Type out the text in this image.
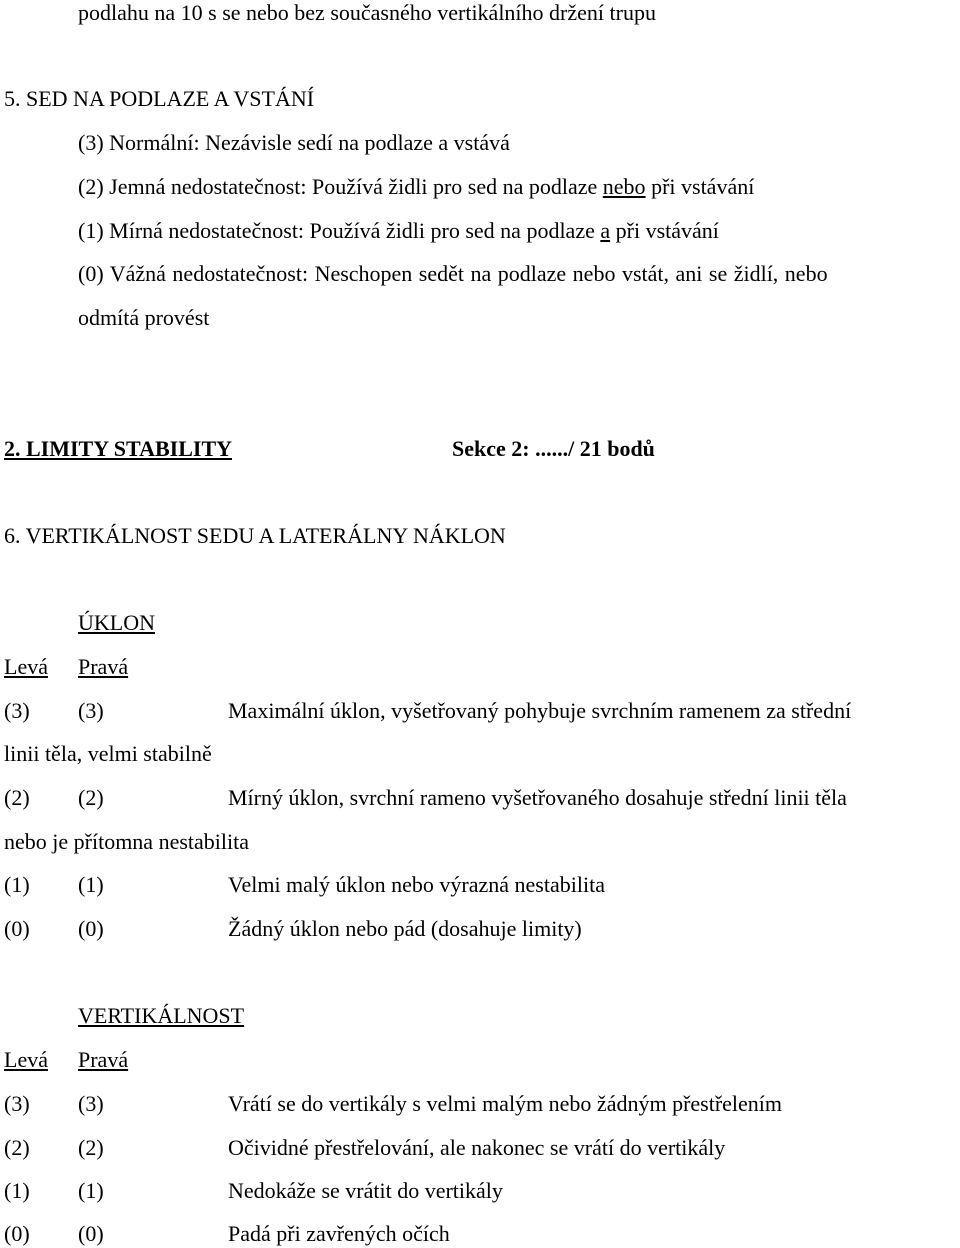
podlahu na 10 s se nebo bez současného vertikálního držení trupu
5. SED NA PODLAZE A VSTÁNÍ
(3) Normální: Nezávisle sedí na podlaze a vstává
(2) Jemná nedostatečnost: Používá židli pro sed na podlaze nebo při vstávání
(1) Mírná nedostatečnost: Používá židli pro sed na podlaze a při vstávání
(0) Vážná nedostatečnost: Neschopen sedět na podlaze nebo vstát, ani se židlí, nebo
odmítá provést
2. LIMITY STABILITY	Sekce 2: ....../ 21 bodů
6. VERTIKÁLNOST SEDU A LATERÁLNY NÁKLON
ÚKLON
Levá Pravá
(3) (3)	Maximální úklon, vyšetřovaný pohybuje svrchním ramenem za střední
linii těla, velmi stabilně
(2) (2)	Mírný úklon, svrchní rameno vyšetřovaného dosahuje střední linii těla
nebo je přítomna nestabilita
(1) (1)	Velmi malý úklon nebo výrazná nestabilita
(0) (0)	Žádný úklon nebo pád (dosahuje limity)
VERTIKÁLNOST
Levá Pravá
(3) (3)	Vrátí se do vertikály s velmi malým nebo žádným přestřelením
(2) (2)	Očividné přestřelování, ale nakonec se vrátí do vertikály
(1) (1)	Nedokáže se vrátit do vertikály
(0) (0)	Padá při zavřených očích
